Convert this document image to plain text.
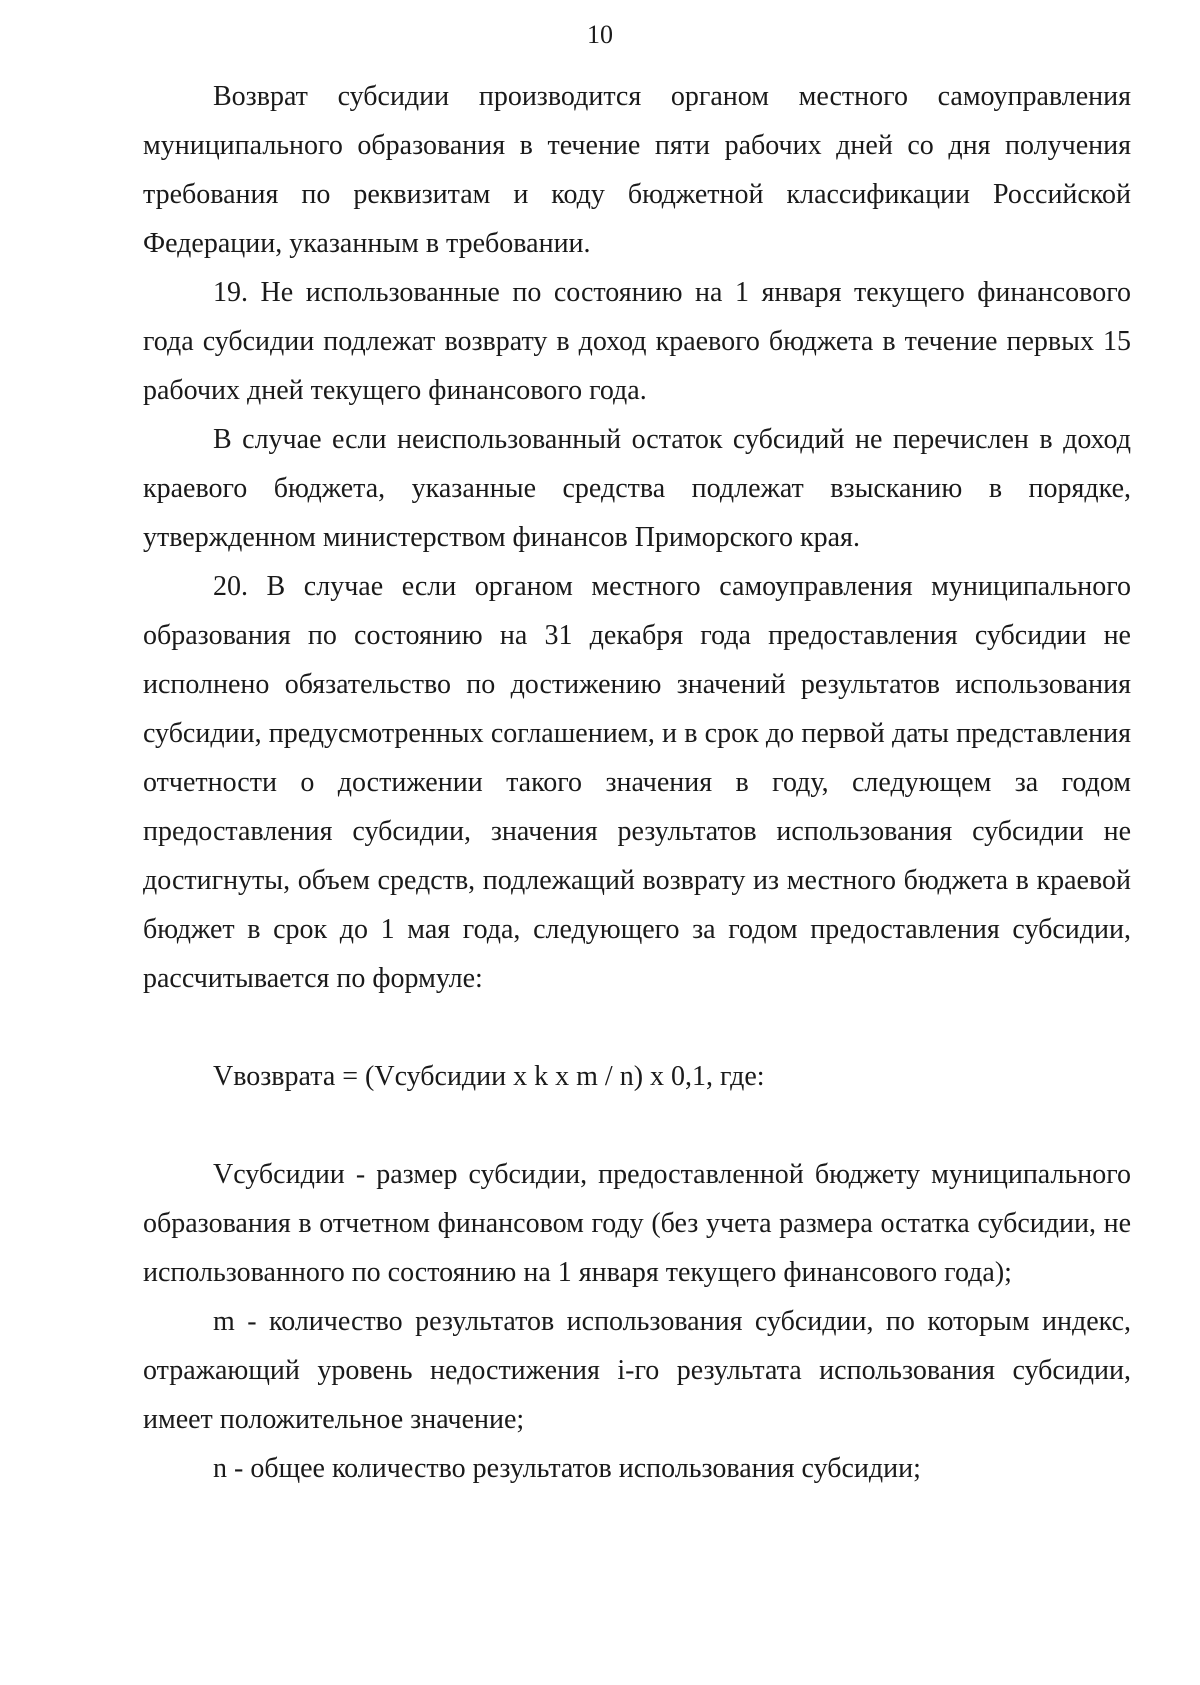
10

Возврат субсидии производится органом местного самоуправления муниципального образования в течение пяти рабочих дней со дня получения требования по реквизитам и коду бюджетной классификации Российской Федерации, указанным в требовании.

19. Не использованные по состоянию на 1 января текущего финансового года субсидии подлежат возврату в доход краевого бюджета в течение первых 15 рабочих дней текущего финансового года.

В случае если неиспользованный остаток субсидий не перечислен в доход краевого бюджета, указанные средства подлежат взысканию в порядке, утвержденном министерством финансов Приморского края.

20. В случае если органом местного самоуправления муниципального образования по состоянию на 31 декабря года предоставления субсидии не исполнено обязательство по достижению значений результатов использования субсидии, предусмотренных соглашением, и в срок до первой даты представления отчетности о достижении такого значения в году, следующем за годом предоставления субсидии, значения результатов использования субсидии не достигнуты, объем средств, подлежащий возврату из местного бюджета в краевой бюджет в срок до 1 мая года, следующего за годом предоставления субсидии, рассчитывается по формуле:

Vвозврата = (Vсубсидии x k x m / n) x 0,1, где:

Vсубсидии - размер субсидии, предоставленной бюджету муниципального образования в отчетном финансовом году (без учета размера остатка субсидии, не использованного по состоянию на 1 января текущего финансового года);

m - количество результатов использования субсидии, по которым индекс, отражающий уровень недостижения i-го результата использования субсидии, имеет положительное значение;

n - общее количество результатов использования субсидии;
